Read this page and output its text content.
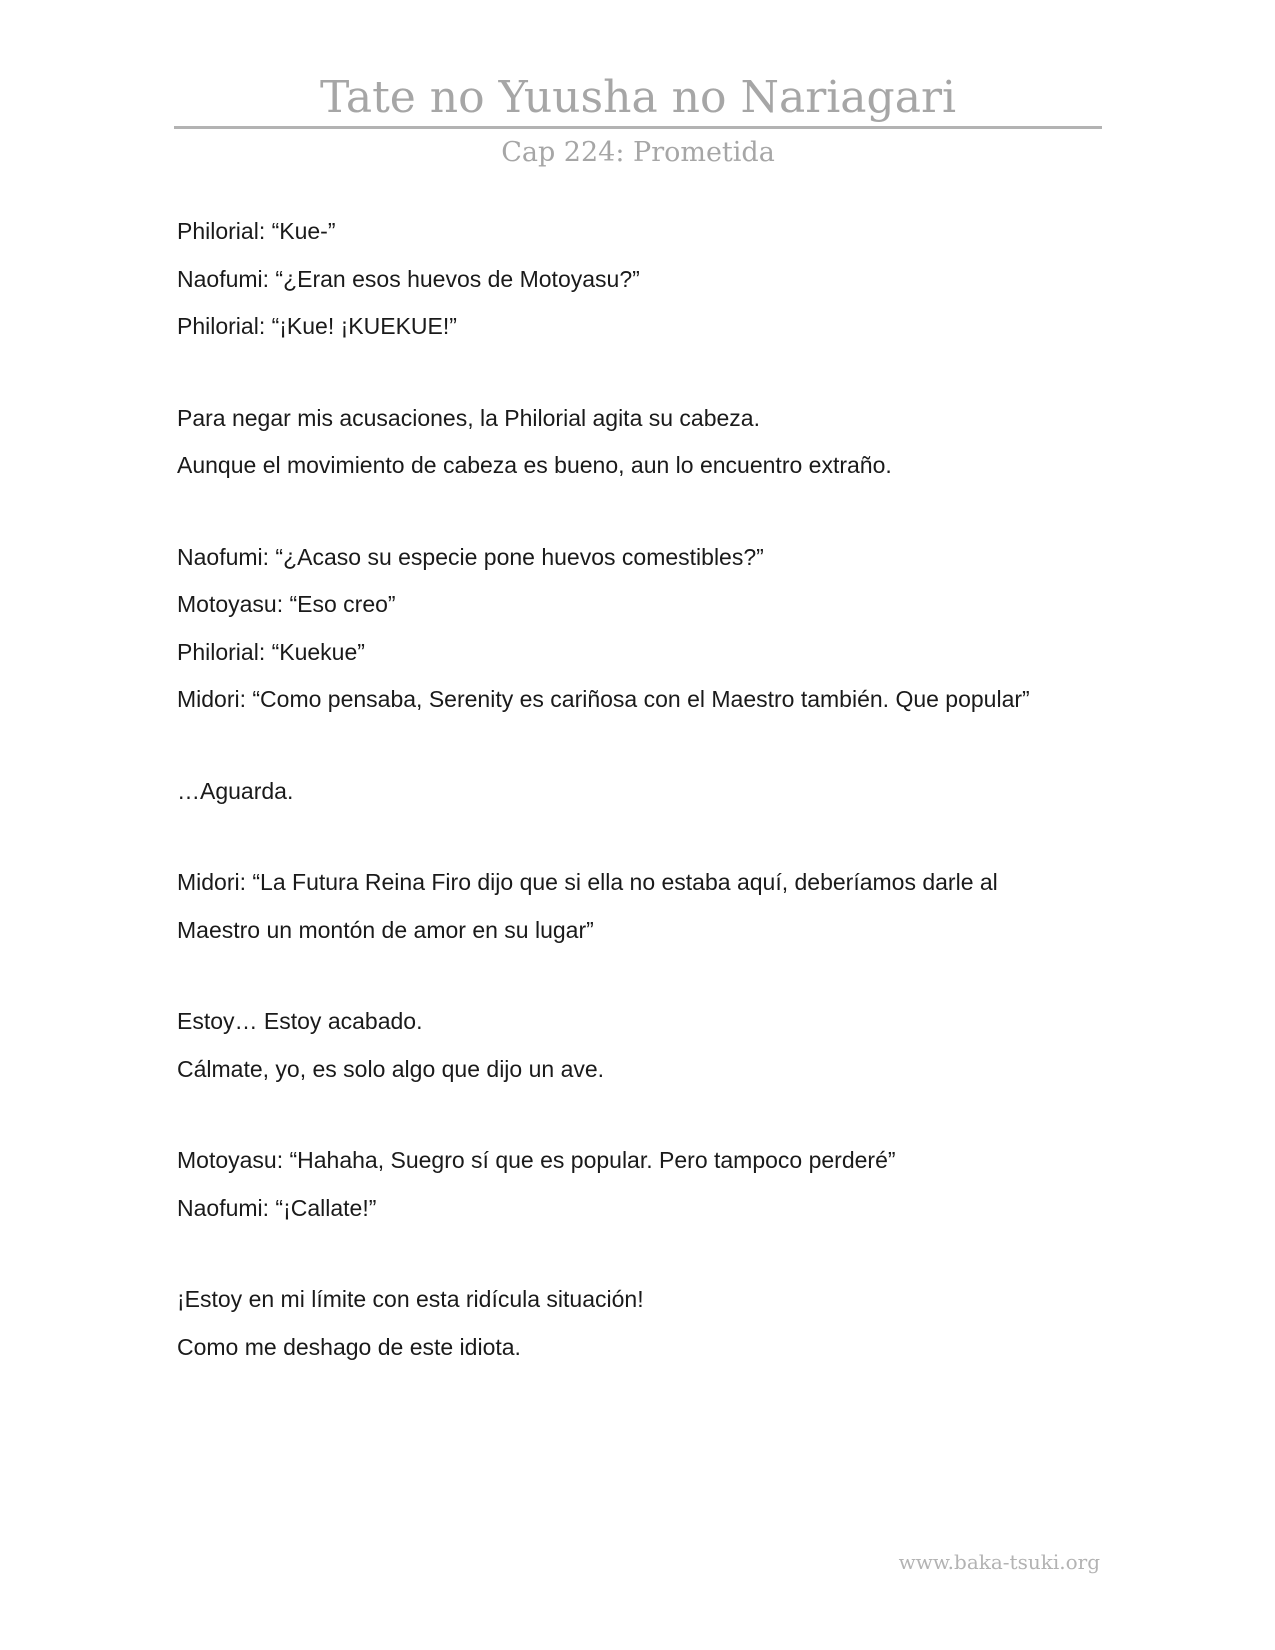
Tate no Yuusha no Nariagari
Cap 224: Prometida

Philorial: “Kue-”

Naofumi: “¿Eran esos huevos de Motoyasu?”

Philorial: “¡Kue! ¡KUEKUE!”

Para negar mis acusaciones, la Philorial agita su cabeza.

Aunque el movimiento de cabeza es bueno, aun lo encuentro extraño.

Naofumi: “¿Acaso su especie pone huevos comestibles?”

Motoyasu: “Eso creo”

Philorial: “Kuekue”

Midori: “Como pensaba, Serenity es cariñosa con el Maestro también. Que popular”

…Aguarda.

Midori: “La Futura Reina Firo dijo que si ella no estaba aquí, deberíamos darle al Maestro un montón de amor en su lugar”

Estoy… Estoy acabado.

Cálmate, yo, es solo algo que dijo un ave.

Motoyasu: “Hahaha, Suegro sí que es popular. Pero tampoco perderé”

Naofumi: “¡Callate!”

¡Estoy en mi límite con esta ridícula situación!

Como me deshago de este idiota.

www.baka-tsuki.org
